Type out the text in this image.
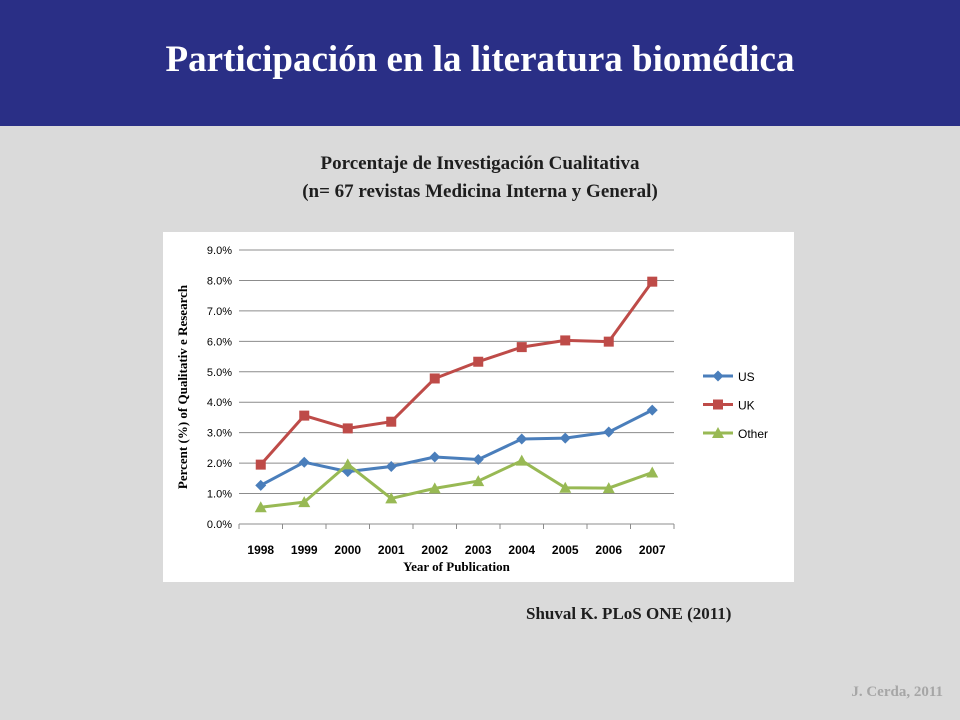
Participación en la literatura biomédica
Porcentaje de Investigación Cualitativa
(n= 67 revistas Medicina Interna y General)
0.0%
1.0%
2.0%
3.0%
4.0%
5.0%
6.0%
7.0%
8.0%
9.0%
1998 1999 2000 2001 2002 2003 2004 2005 2006 2007
Year of Publication
Percent (%) of Qualitativ e Research	US
UK
Other
Shuval K. PLoS ONE (2011)
J. Cerda, 2011
